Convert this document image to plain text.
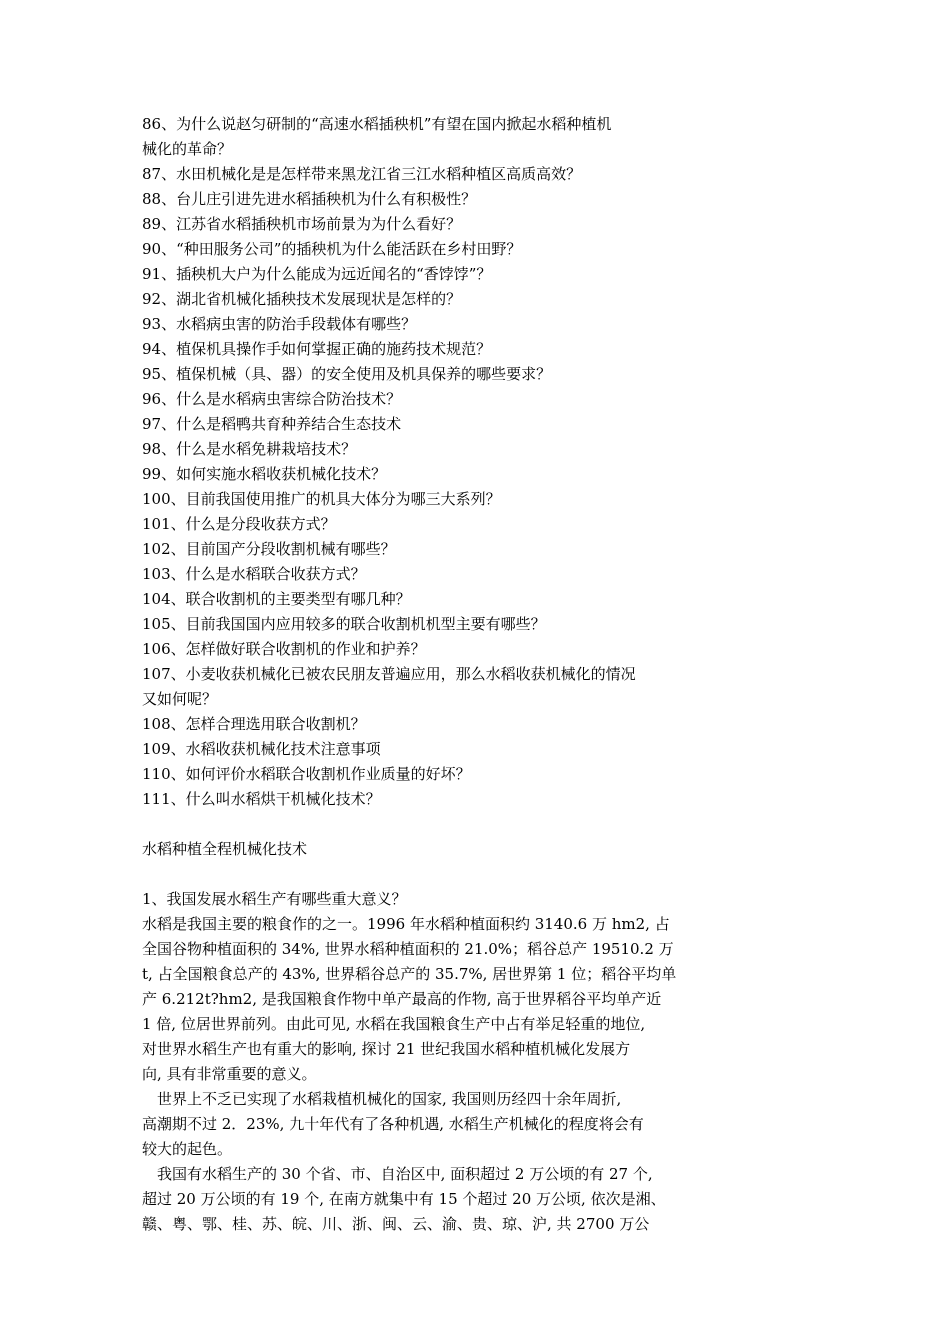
86、为什么说赵匀研制的“高速水稻插秧机”有望在国内掀起水稻种植机
械化的革命？
87、水田机械化是是怎样带来黑龙江省三江水稻种植区高质高效？
88、台儿庄引进先进水稻插秧机为什么有积极性？
89、江苏省水稻插秧机市场前景为为什么看好？
90、“种田服务公司”的插秧机为什么能活跃在乡村田野？
91、插秧机大户为什么能成为远近闻名的“香饽饽”？
92、湖北省机械化插秧技术发展现状是怎样的？
93、水稻病虫害的防治手段载体有哪些？
94、植保机具操作手如何掌握正确的施药技术规范？
95、植保机械（具、器）的安全使用及机具保养的哪些要求？
96、什么是水稻病虫害综合防治技术？
97、什么是稻鸭共育种养结合生态技术
98、什么是水稻免耕栽培技术？
99、如何实施水稻收获机械化技术？
100、目前我国使用推广的机具大体分为哪三大系列？
101、什么是分段收获方式？
102、目前国产分段收割机械有哪些？
103、什么是水稻联合收获方式？
104、联合收割机的主要类型有哪几种？
105、目前我国国内应用较多的联合收割机机型主要有哪些？
106、怎样做好联合收割机的作业和护养？
107、小麦收获机械化已被农民朋友普遍应用，那么水稻收获机械化的情况
又如何呢？
108、怎样合理选用联合收割机？
109、水稻收获机械化技术注意事项
110、如何评价水稻联合收割机作业质量的好坏？
111、什么叫水稻烘干机械化技术？
水稻种植全程机械化技术
1、我国发展水稻生产有哪些重大意义？
水稻是我国主要的粮食作的之一。1996 年水稻种植面积约 3140.6 万 hm2, 占
全国谷物种植面积的 34%, 世界水稻种植面积的 21.0%；稻谷总产 19510.2 万
t, 占全国粮食总产的 43%, 世界稻谷总产的 35.7%, 居世界第 1 位；稻谷平均单
产 6.212t?hm2, 是我国粮食作物中单产最高的作物, 高于世界稻谷平均单产近
1 倍, 位居世界前列。由此可见, 水稻在我国粮食生产中占有举足轻重的地位,
对世界水稻生产也有重大的影响, 探讨 21 世纪我国水稻种植机械化发展方
向, 具有非常重要的意义。
　世界上不乏已实现了水稻栽植机械化的国家, 我国则历经四十余年周折,
高潮期不过 2．23%, 九十年代有了各种机遇, 水稻生产机械化的程度将会有
较大的起色。
　我国有水稻生产的 30 个省、市、自治区中, 面积超过 2 万公顷的有 27 个,
超过 20 万公顷的有 19 个, 在南方就集中有 15 个超过 20 万公顷, 依次是湘、
赣、粤、鄂、桂、苏、皖、川、浙、闽、云、渝、贵、琼、沪, 共 2700 万公
